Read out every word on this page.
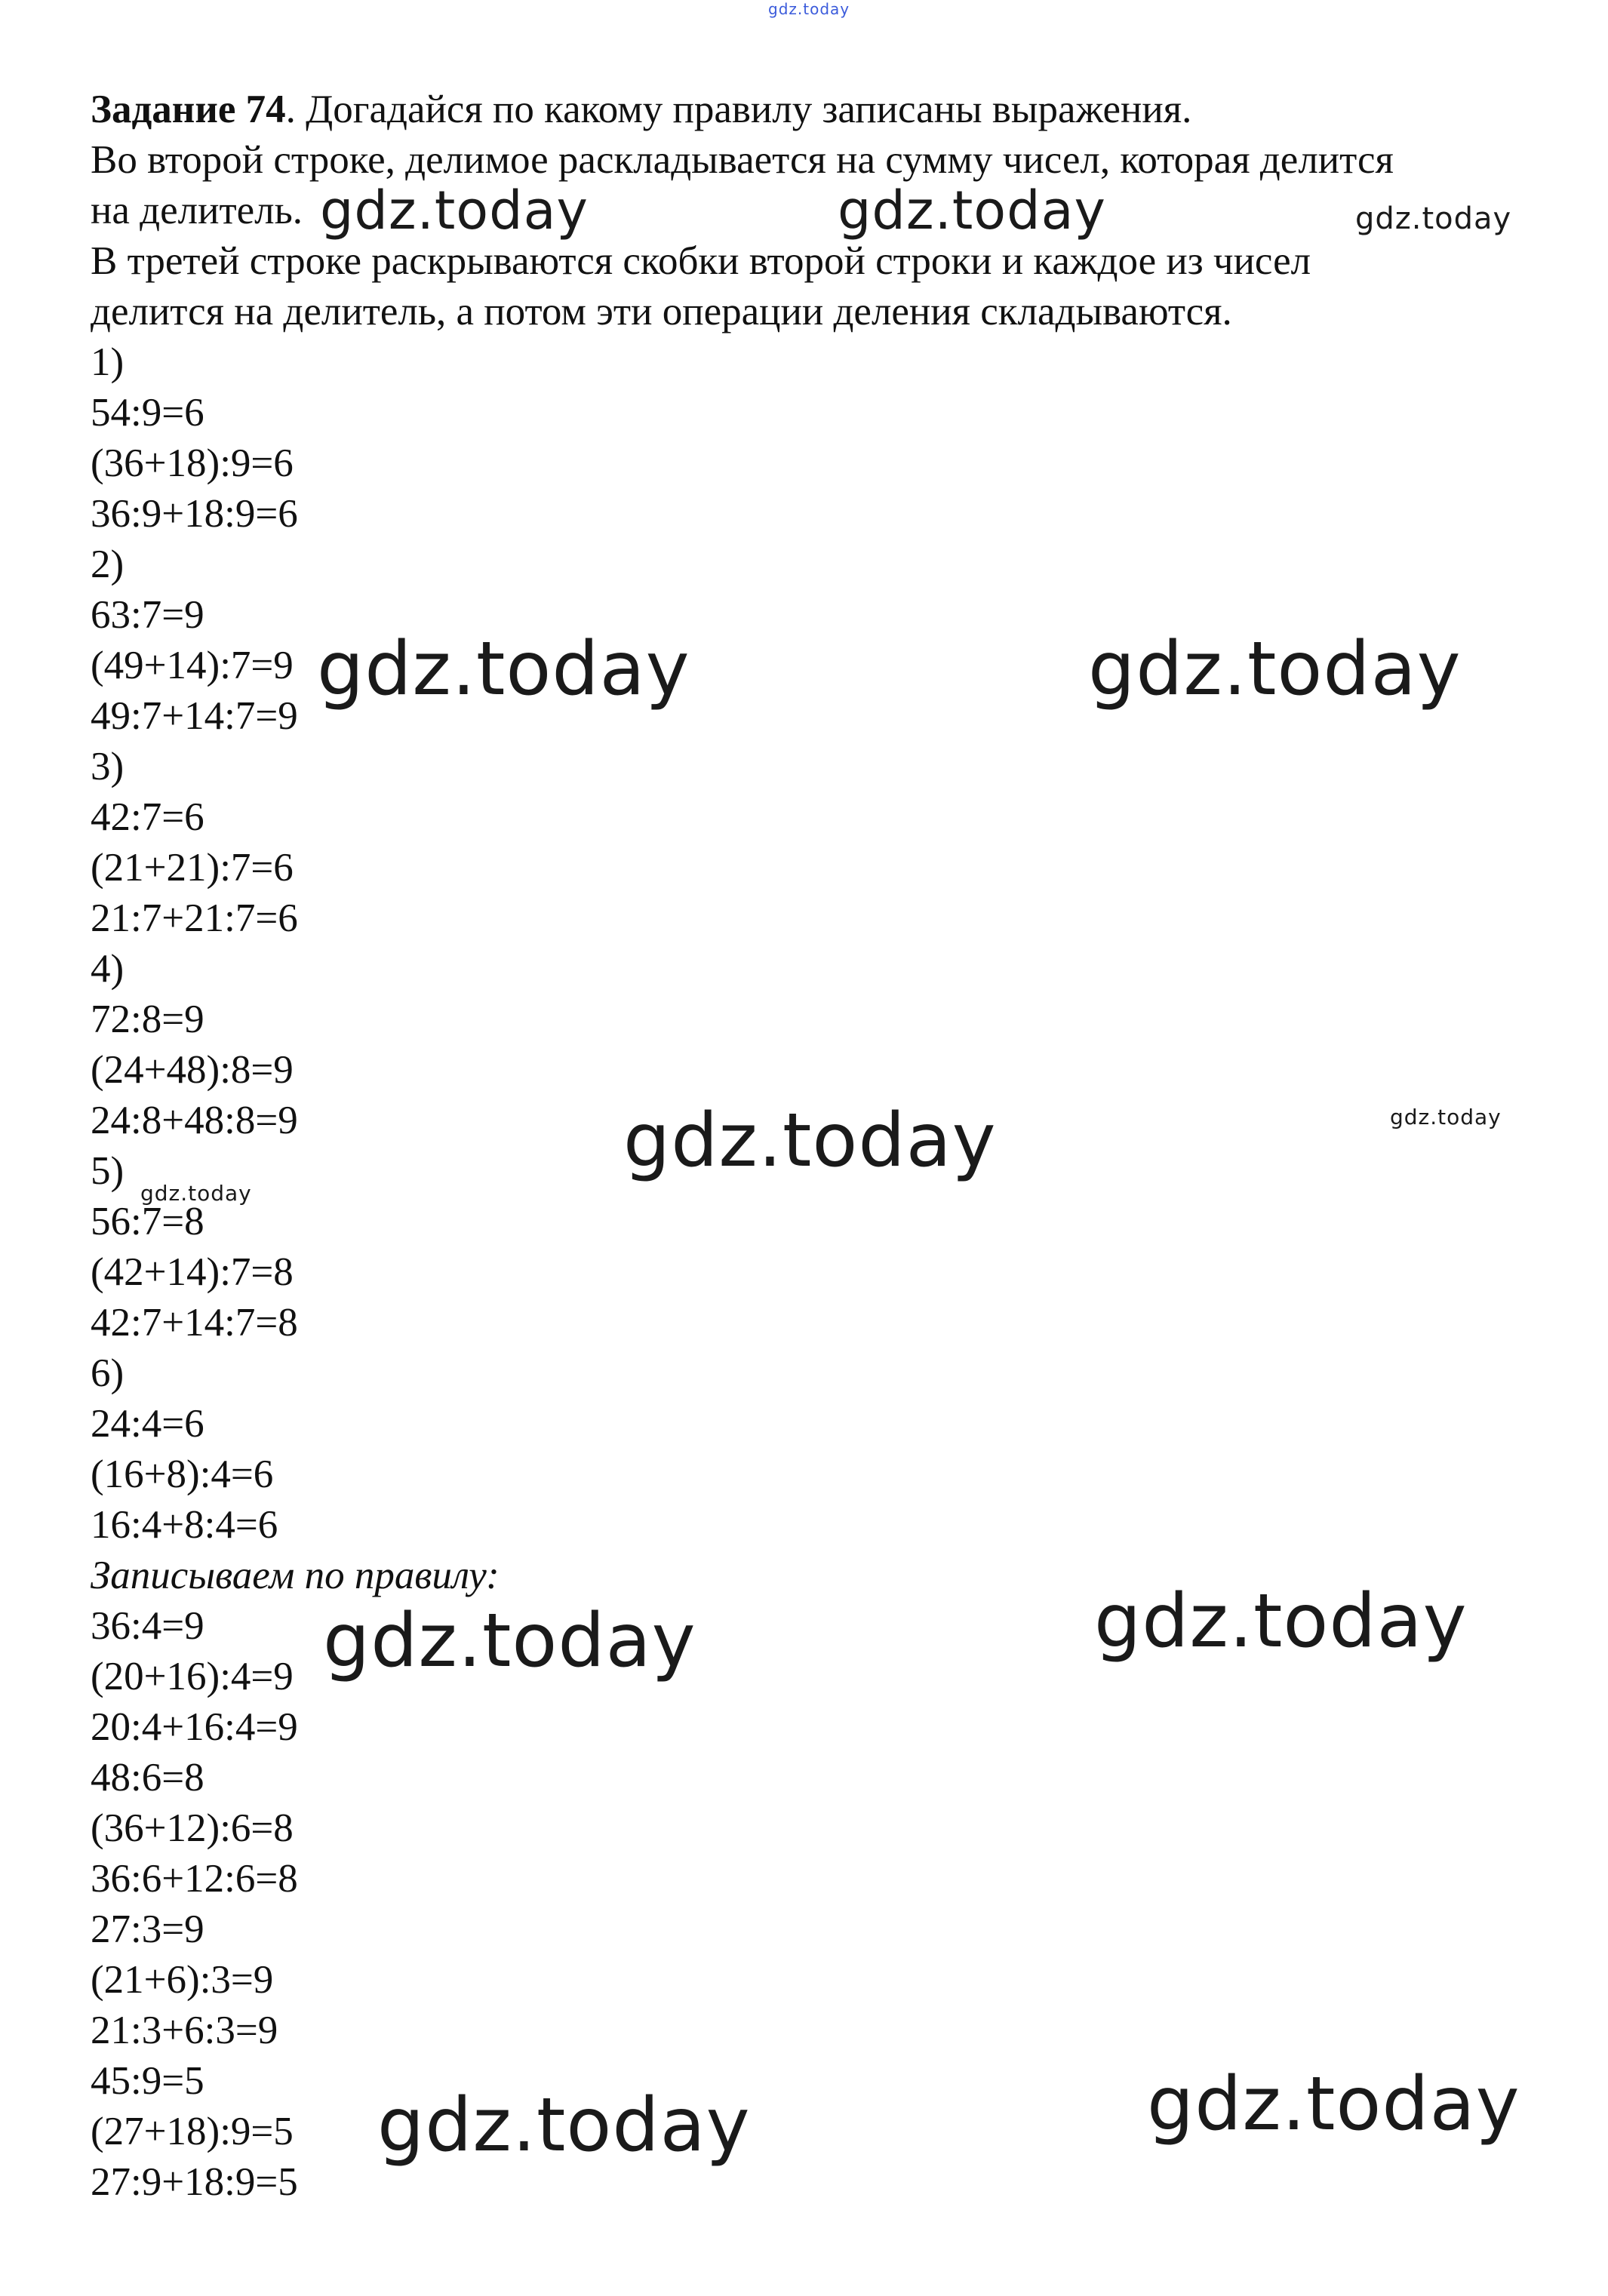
Задание 74. Догадайся по какому правилу записаны выражения.
Во второй строке, делимое раскладывается на сумму чисел, которая делится
на делитель.
В третей строке раскрываются скобки второй строки и каждое из чисел
делится на делитель, а потом эти операции деления складываются.
1)
54:9=6
(36+18):9=6
36:9+18:9=6
2)
63:7=9
(49+14):7=9
49:7+14:7=9
3)
42:7=6
(21+21):7=6
21:7+21:7=6
4)
72:8=9
(24+48):8=9
24:8+48:8=9
5)
56:7=8
(42+14):7=8
42:7+14:7=8
6)
24:4=6
(16+8):4=6
16:4+8:4=6
Записываем по правилу:
36:4=9
(20+16):4=9
20:4+16:4=9
48:6=8
(36+12):6=8
36:6+12:6=8
27:3=9
(21+6):3=9
21:3+6:3=9
45:9=5
(27+18):9=5
27:9+18:9=5
gdz.today
gdz.today	gdz.today	gdz.today
gdz.today	gdz.today
gdz.today	gdz.today
gdz.today
gdz.today	gdz.today
gdz.today	gdz.today
